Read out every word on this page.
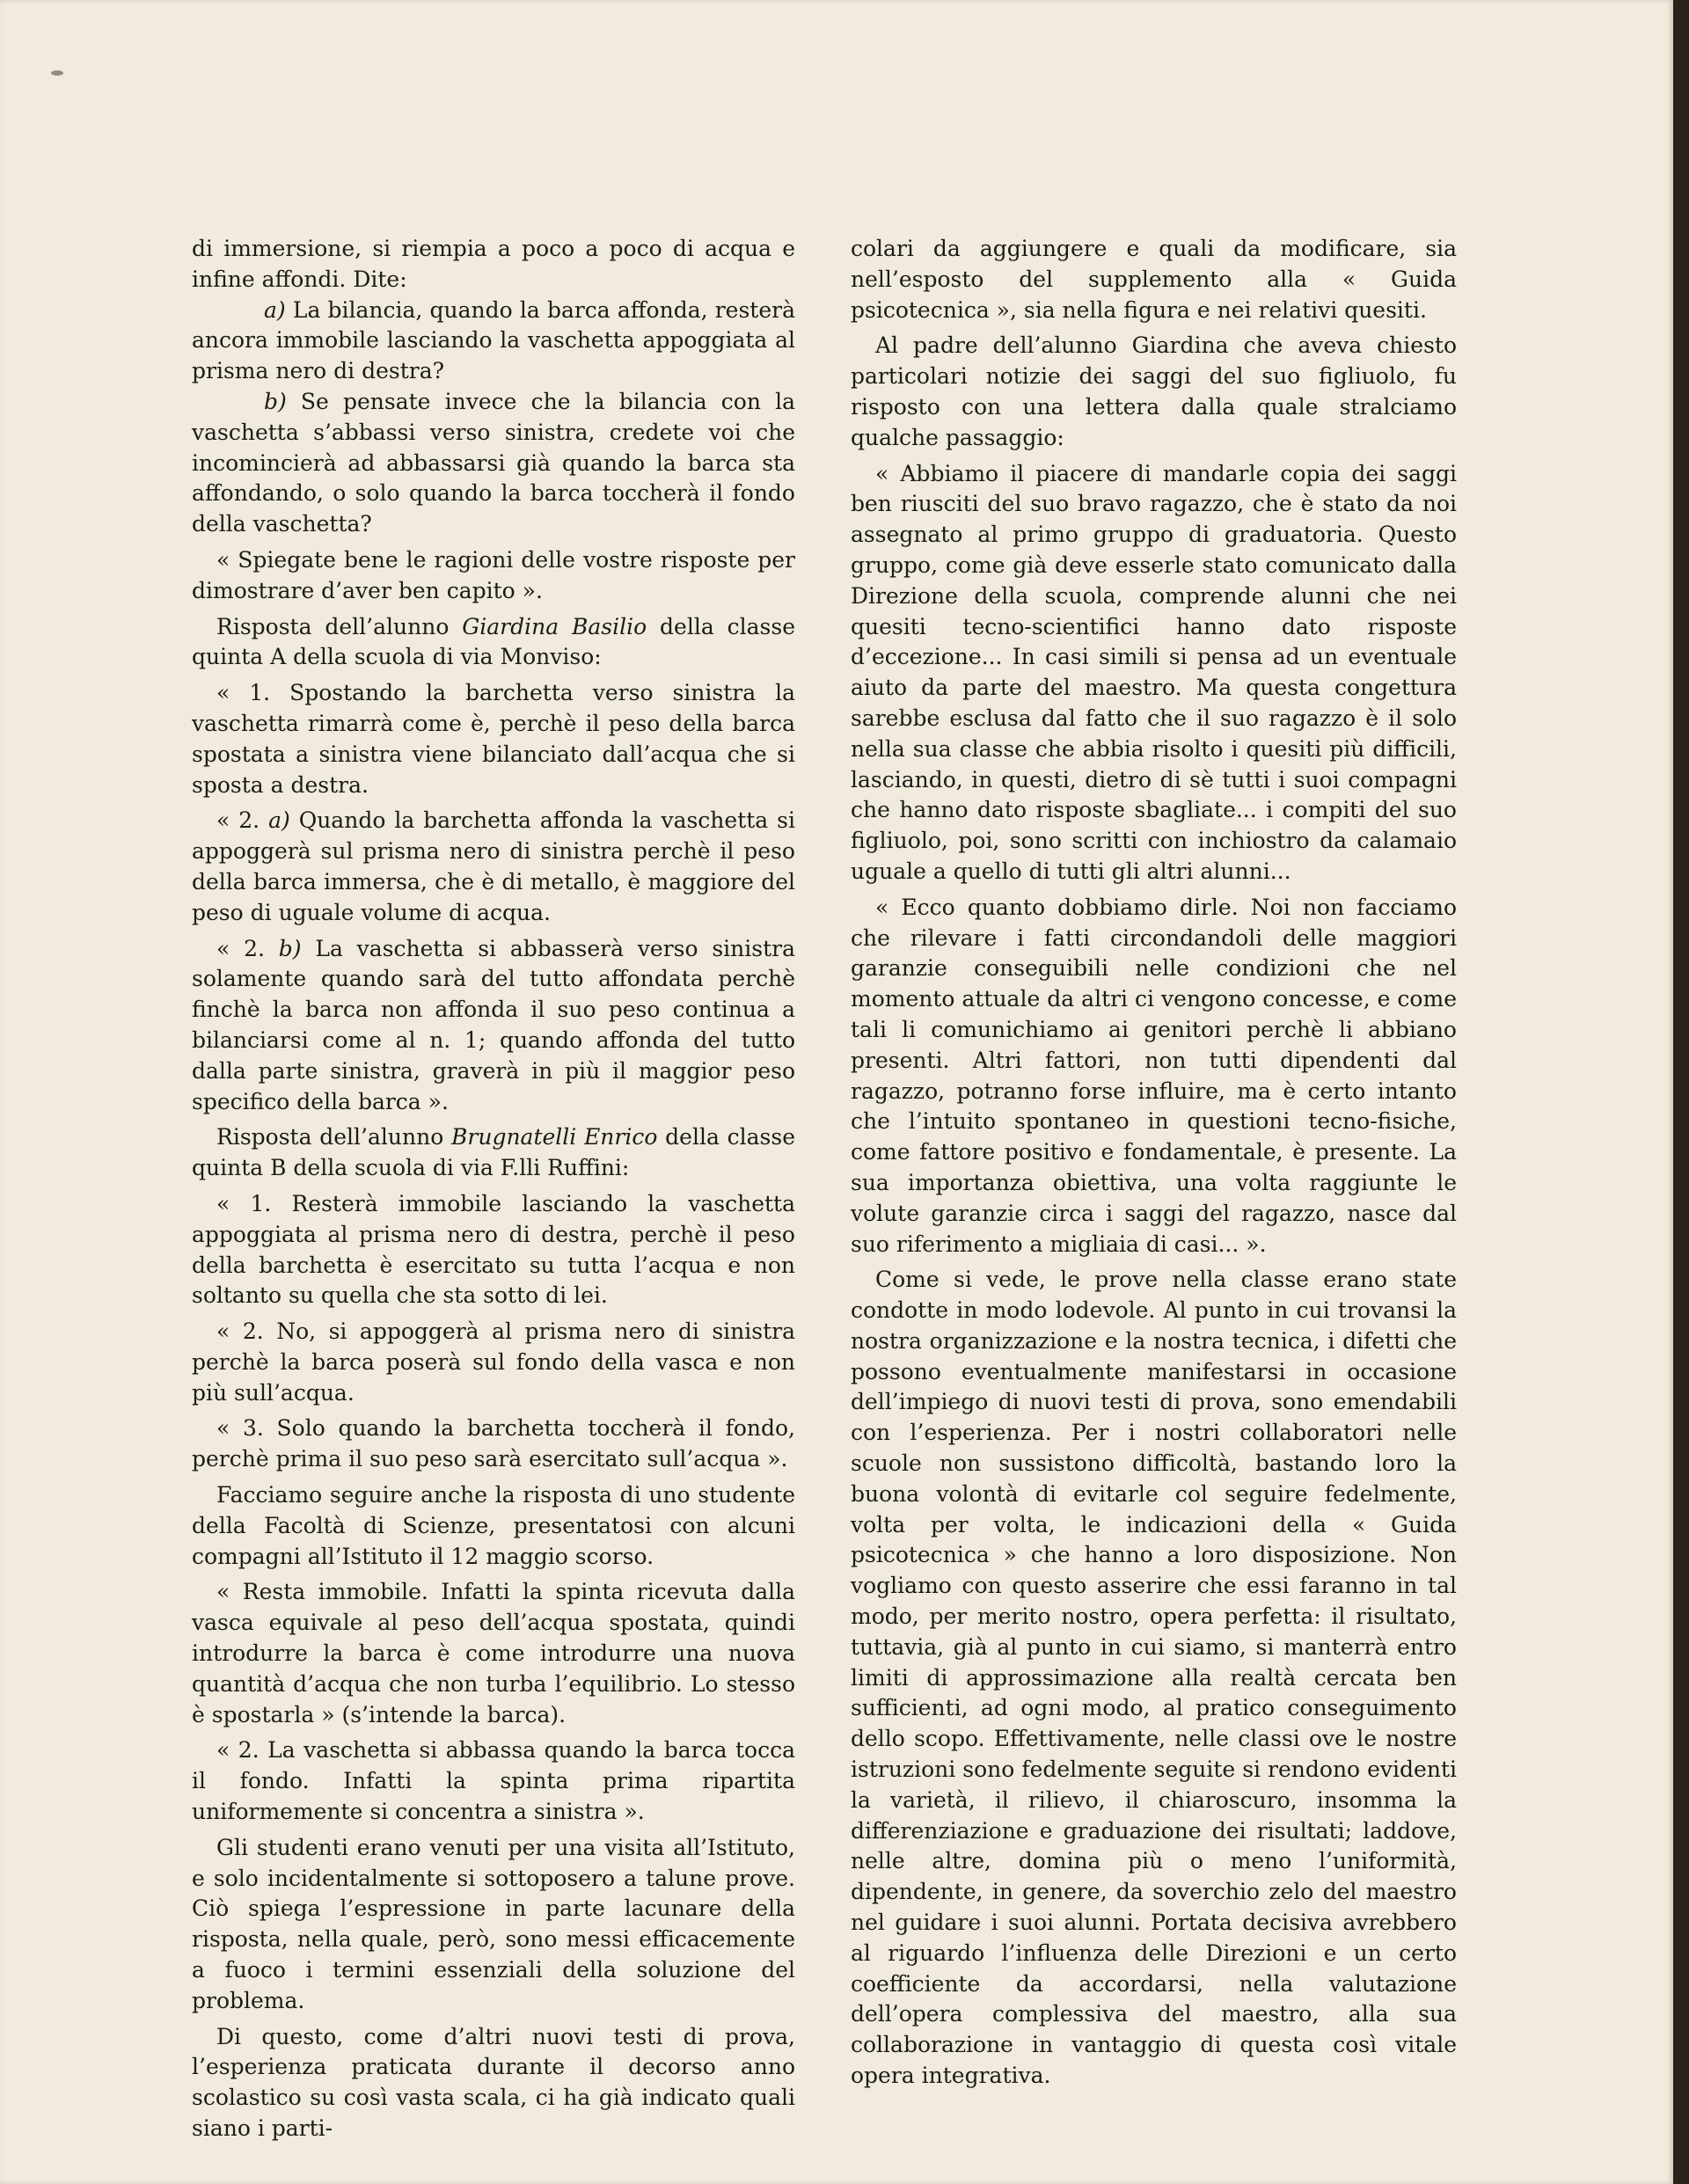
di immersione, si riempia a poco a poco di acqua e infine affondi. Dite:

a) La bilancia, quando la barca affonda, resterà ancora immobile lasciando la vaschetta appoggiata al prisma nero di destra?

b) Se pensate invece che la bilancia con la vaschetta s’abbassi verso sinistra, credete voi che incomincierà ad abbassarsi già quando la barca sta affondando, o solo quando la barca toccherà il fondo della vaschetta?

« Spiegate bene le ragioni delle vostre risposte per dimostrare d’aver ben capito ».

Risposta dell’alunno Giardina Basilio della classe quinta A della scuola di via Monviso:

« 1. Spostando la barchetta verso sinistra la vaschetta rimarrà come è, perchè il peso della barca spostata a sinistra viene bilanciato dall’acqua che si sposta a destra.

« 2. a) Quando la barchetta affonda la vaschetta si appoggerà sul prisma nero di sinistra perchè il peso della barca immersa, che è di metallo, è maggiore del peso di uguale volume di acqua.

« 2. b) La vaschetta si abbasserà verso sinistra solamente quando sarà del tutto affondata perchè finchè la barca non affonda il suo peso continua a bilanciarsi come al n. 1; quando affonda del tutto dalla parte sinistra, graverà in più il maggior peso specifico della barca ».

Risposta dell’alunno Brugnatelli Enrico della classe quinta B della scuola di via F.lli Ruffini:

« 1. Resterà immobile lasciando la vaschetta appoggiata al prisma nero di destra, perchè il peso della barchetta è esercitato su tutta l’acqua e non soltanto su quella che sta sotto di lei.

« 2. No, si appoggerà al prisma nero di sinistra perchè la barca poserà sul fondo della vasca e non più sull’acqua.

« 3. Solo quando la barchetta toccherà il fondo, perchè prima il suo peso sarà esercitato sull’acqua ».

Facciamo seguire anche la risposta di uno studente della Facoltà di Scienze, presentatosi con alcuni compagni all’Istituto il 12 maggio scorso.

« Resta immobile. Infatti la spinta ricevuta dalla vasca equivale al peso dell’acqua spostata, quindi introdurre la barca è come introdurre una nuova quantità d’acqua che non turba l’equilibrio. Lo stesso è spostarla » (s’intende la barca).

« 2. La vaschetta si abbassa quando la barca tocca il fondo. Infatti la spinta prima ripartita uniformemente si concentra a sinistra ».

Gli studenti erano venuti per una visita all’Istituto, e solo incidentalmente si sottoposero a talune prove. Ciò spiega l’espressione in parte lacunare della risposta, nella quale, però, sono messi efficacemente a fuoco i termini essenziali della soluzione del problema.

Di questo, come d’altri nuovi testi di prova, l’esperienza praticata durante il decorso anno scolastico su così vasta scala, ci ha già indicato quali siano i parti-

colari da aggiungere e quali da modificare, sia nell’esposto del supplemento alla « Guida psicotecnica », sia nella figura e nei relativi quesiti.

Al padre dell’alunno Giardina che aveva chiesto particolari notizie dei saggi del suo figliuolo, fu risposto con una lettera dalla quale stralciamo qualche passaggio:

« Abbiamo il piacere di mandarle copia dei saggi ben riusciti del suo bravo ragazzo, che è stato da noi assegnato al primo gruppo di graduatoria. Questo gruppo, come già deve esserle stato comunicato dalla Direzione della scuola, comprende alunni che nei quesiti tecno-scientifici hanno dato risposte d’eccezione... In casi simili si pensa ad un eventuale aiuto da parte del maestro. Ma questa congettura sarebbe esclusa dal fatto che il suo ragazzo è il solo nella sua classe che abbia risolto i quesiti più difficili, lasciando, in questi, dietro di sè tutti i suoi compagni che hanno dato risposte sbagliate... i compiti del suo figliuolo, poi, sono scritti con inchiostro da calamaio uguale a quello di tutti gli altri alunni...

« Ecco quanto dobbiamo dirle. Noi non facciamo che rilevare i fatti circondandoli delle maggiori garanzie conseguibili nelle condizioni che nel momento attuale da altri ci vengono concesse, e come tali li comunichiamo ai genitori perchè li abbiano presenti. Altri fattori, non tutti dipendenti dal ragazzo, potranno forse influire, ma è certo intanto che l’intuito spontaneo in questioni tecno-fisiche, come fattore positivo e fondamentale, è presente. La sua importanza obiettiva, una volta raggiunte le volute garanzie circa i saggi del ragazzo, nasce dal suo riferimento a migliaia di casi... ».

Come si vede, le prove nella classe erano state condotte in modo lodevole. Al punto in cui trovansi la nostra organizzazione e la nostra tecnica, i difetti che possono eventualmente manifestarsi in occasione dell’impiego di nuovi testi di prova, sono emendabili con l’esperienza. Per i nostri collaboratori nelle scuole non sussistono difficoltà, bastando loro la buona volontà di evitarle col seguire fedelmente, volta per volta, le indicazioni della « Guida psicotecnica » che hanno a loro disposizione. Non vogliamo con questo asserire che essi faranno in tal modo, per merito nostro, opera perfetta: il risultato, tuttavia, già al punto in cui siamo, si manterrà entro limiti di approssimazione alla realtà cercata ben sufficienti, ad ogni modo, al pratico conseguimento dello scopo. Effettivamente, nelle classi ove le nostre istruzioni sono fedelmente seguite si rendono evidenti la varietà, il rilievo, il chiaroscuro, insomma la differenziazione e graduazione dei risultati; laddove, nelle altre, domina più o meno l’uniformità, dipendente, in genere, da soverchio zelo del maestro nel guidare i suoi alunni. Portata decisiva avrebbero al riguardo l’influenza delle Direzioni e un certo coefficiente da accordarsi, nella valutazione dell’opera complessiva del maestro, alla sua collaborazione in vantaggio di questa così vitale opera integrativa.
